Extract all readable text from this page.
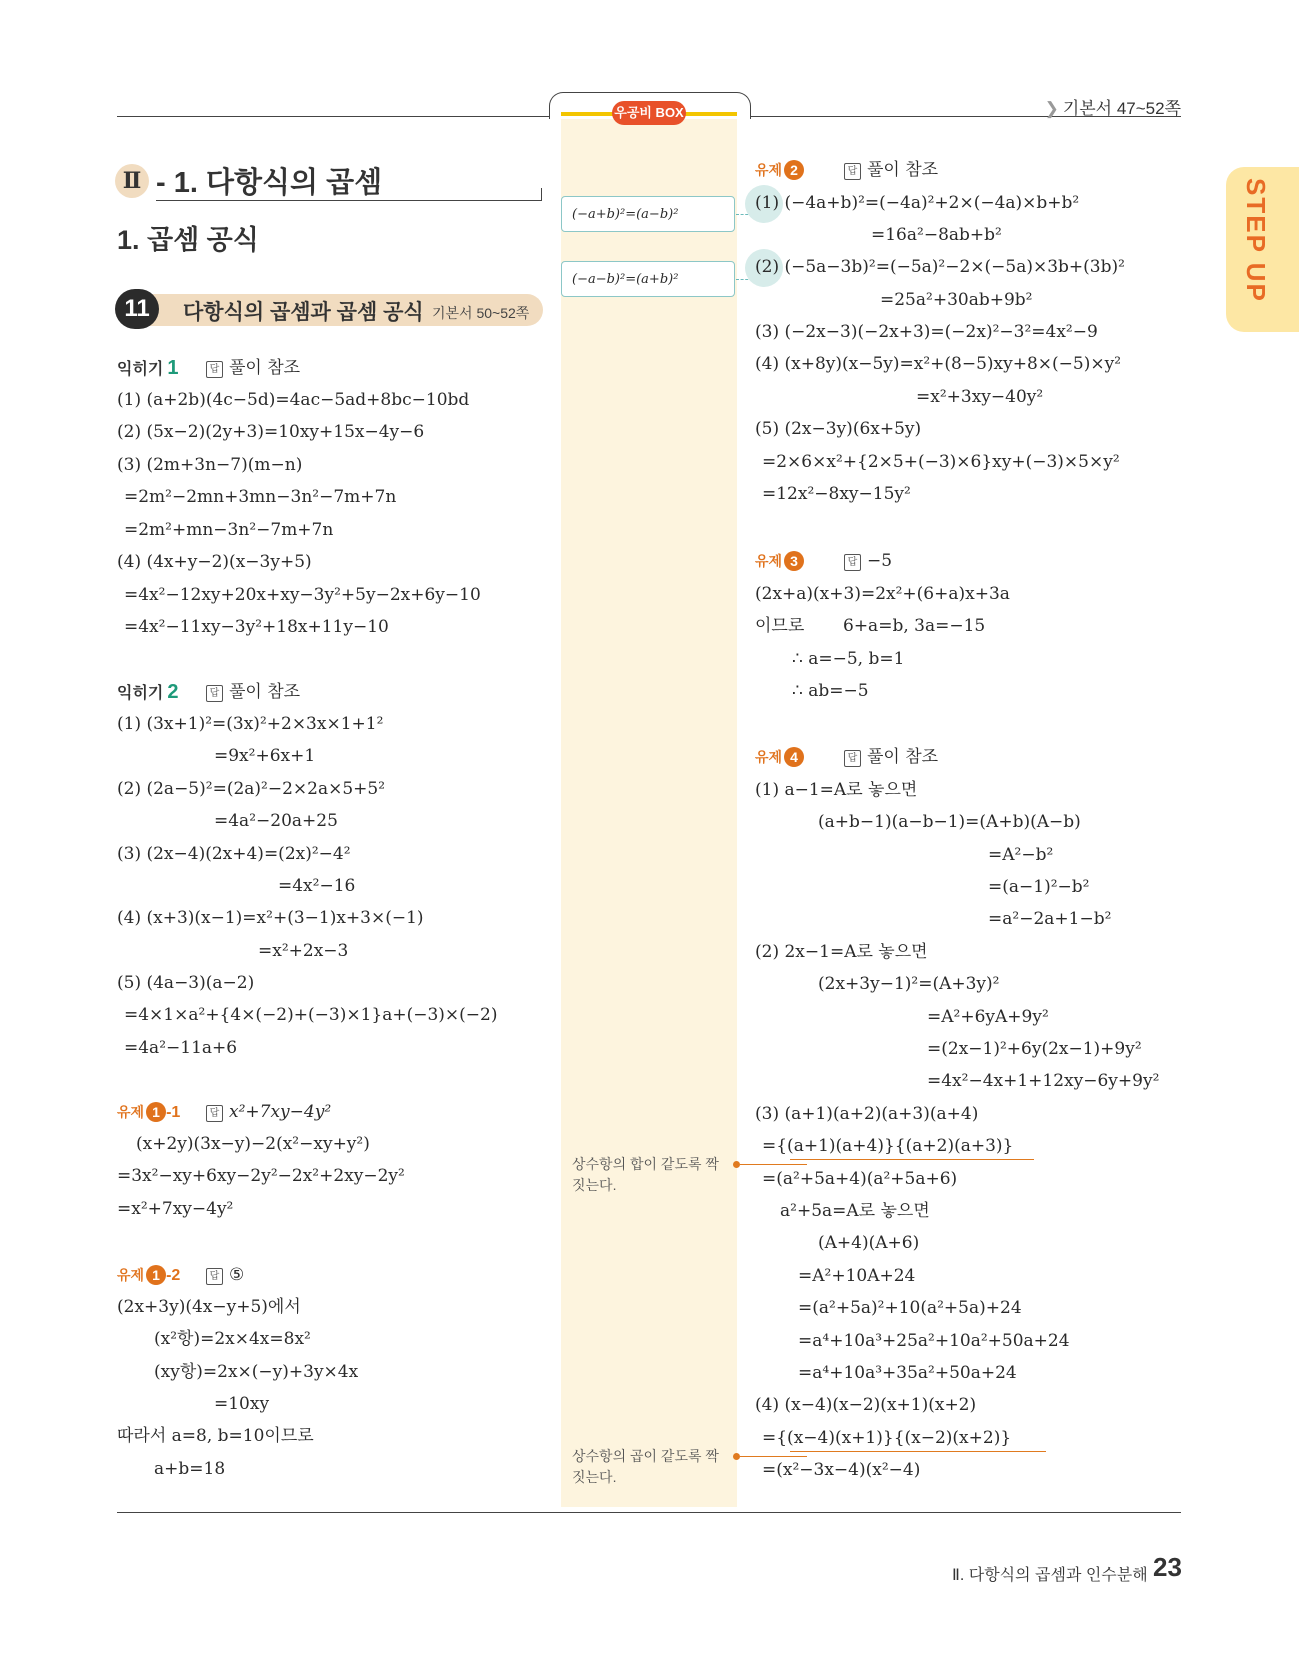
❯ 기본서 47~52쪽
우공비 BOX
(−a+b)²=(a−b)²
(−a−b)²=(a+b)²
상수항의 합이 같도록 짝 짓는다.
상수항의 곱이 같도록 짝 짓는다.
STEP UP
Ⅱ - 1. 다항식의 곱셈
1. 곱셈 공식
11	다항식의 곱셈과 곱셈 공식 기본서 50~52쪽
익히기 1	답 풀이 참조
(1) (a+2b)(4c−5d)=4ac−5ad+8bc−10bd
(2) (5x−2)(2y+3)=10xy+15x−4y−6
(3) (2m+3n−7)(m−n)
=2m²−2mn+3mn−3n²−7m+7n
=2m²+mn−3n²−7m+7n
(4) (4x+y−2)(x−3y+5)
=4x²−12xy+20x+xy−3y²+5y−2x+6y−10
=4x²−11xy−3y²+18x+11y−10
익히기 2	답 풀이 참조
(1) (3x+1)²=(3x)²+2×3x×1+1²
=9x²+6x+1
(2) (2a−5)²=(2a)²−2×2a×5+5²
=4a²−20a+25
(3) (2x−4)(2x+4)=(2x)²−4²
=4x²−16
(4) (x+3)(x−1)=x²+(3−1)x+3×(−1)
=x²+2x−3
(5) (4a−3)(a−2)
=4×1×a²+{4×(−2)+(−3)×1}a+(−3)×(−2)
=4a²−11a+6
유제 1 -1	답 x²+7xy−4y²
(x+2y)(3x−y)−2(x²−xy+y²)
=3x²−xy+6xy−2y²−2x²+2xy−2y²
=x²+7xy−4y²
유제 1 -2	답 ⑤
(2x+3y)(4x−y+5)에서
(x²항)=2x×4x=8x²
(xy항)=2x×(−y)+3y×4x
=10xy
따라서 a=8, b=10이므로
a+b=18
유제 2	답 풀이 참조
(1) (−4a+b)²=(−4a)²+2×(−4a)×b+b²
=16a²−8ab+b²
(2) (−5a−3b)²=(−5a)²−2×(−5a)×3b+(3b)²
=25a²+30ab+9b²
(3) (−2x−3)(−2x+3)=(−2x)²−3²=4x²−9
(4) (x+8y)(x−5y)=x²+(8−5)xy+8×(−5)×y²
=x²+3xy−40y²
(5) (2x−3y)(6x+5y)
=2×6×x²+{2×5+(−3)×6}xy+(−3)×5×y²
=12x²−8xy−15y²
유제 3	답 −5
(2x+a)(x+3)=2x²+(6+a)x+3a
이므로 6+a=b, 3a=−15
∴ a=−5, b=1
∴ ab=−5
유제 4	답 풀이 참조
(1) a−1=A로 놓으면
(a+b−1)(a−b−1)=(A+b)(A−b)
=A²−b²
=(a−1)²−b²
=a²−2a+1−b²
(2) 2x−1=A로 놓으면
(2x+3y−1)²=(A+3y)²
=A²+6yA+9y²
=(2x−1)²+6y(2x−1)+9y²
=4x²−4x+1+12xy−6y+9y²
(3) (a+1)(a+2)(a+3)(a+4)
={(a+1)(a+4)}{(a+2)(a+3)}
=(a²+5a+4)(a²+5a+6)
a²+5a=A로 놓으면
(A+4)(A+6)
=A²+10A+24
=(a²+5a)²+10(a²+5a)+24
=a⁴+10a³+25a²+10a²+50a+24
=a⁴+10a³+35a²+50a+24
(4) (x−4)(x−2)(x+1)(x+2)
={(x−4)(x+1)}{(x−2)(x+2)}
=(x²−3x−4)(x²−4)
Ⅱ. 다항식의 곱셈과 인수분해 23
